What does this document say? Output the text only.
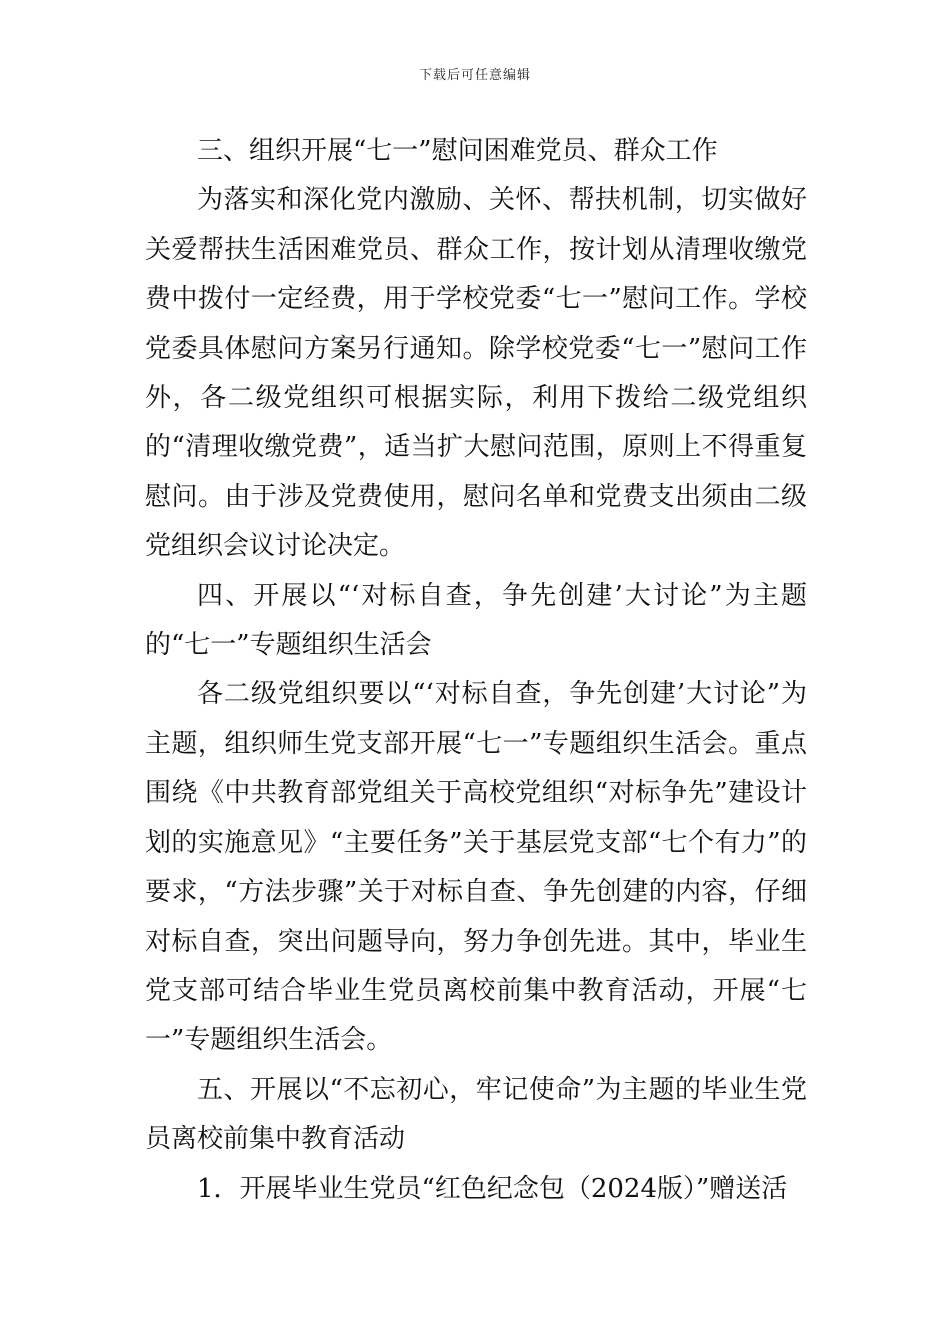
下载后可任意编辑

三、组织开展“七一”慰问困难党员、群众工作

为落实和深化党内激励、关怀、帮扶机制，切实做好关爱帮扶生活困难党员、群众工作，按计划从清理收缴党费中拨付一定经费，用于学校党委“七一”慰问工作。学校党委具体慰问方案另行通知。除学校党委“七一”慰问工作外，各二级党组织可根据实际，利用下拨给二级党组织的“清理收缴党费”，适当扩大慰问范围，原则上不得重复慰问。由于涉及党费使用，慰问名单和党费支出须由二级党组织会议讨论决定。

四、开展以“‘对标自查，争先创建’大讨论”为主题的“七一”专题组织生活会

各二级党组织要以“‘对标自查，争先创建’大讨论”为主题，组织师生党支部开展“七一”专题组织生活会。重点围绕《中共教育部党组关于高校党组织“对标争先”建设计划的实施意见》“主要任务”关于基层党支部“七个有力”的要求，“方法步骤”关于对标自查、争先创建的内容，仔细对标自查，突出问题导向，努力争创先进。其中，毕业生党支部可结合毕业生党员离校前集中教育活动，开展“七一”专题组织生活会。

五、开展以“不忘初心，牢记使命”为主题的毕业生党员离校前集中教育活动

1．开展毕业生党员“红色纪念包（2024版）”赠送活
